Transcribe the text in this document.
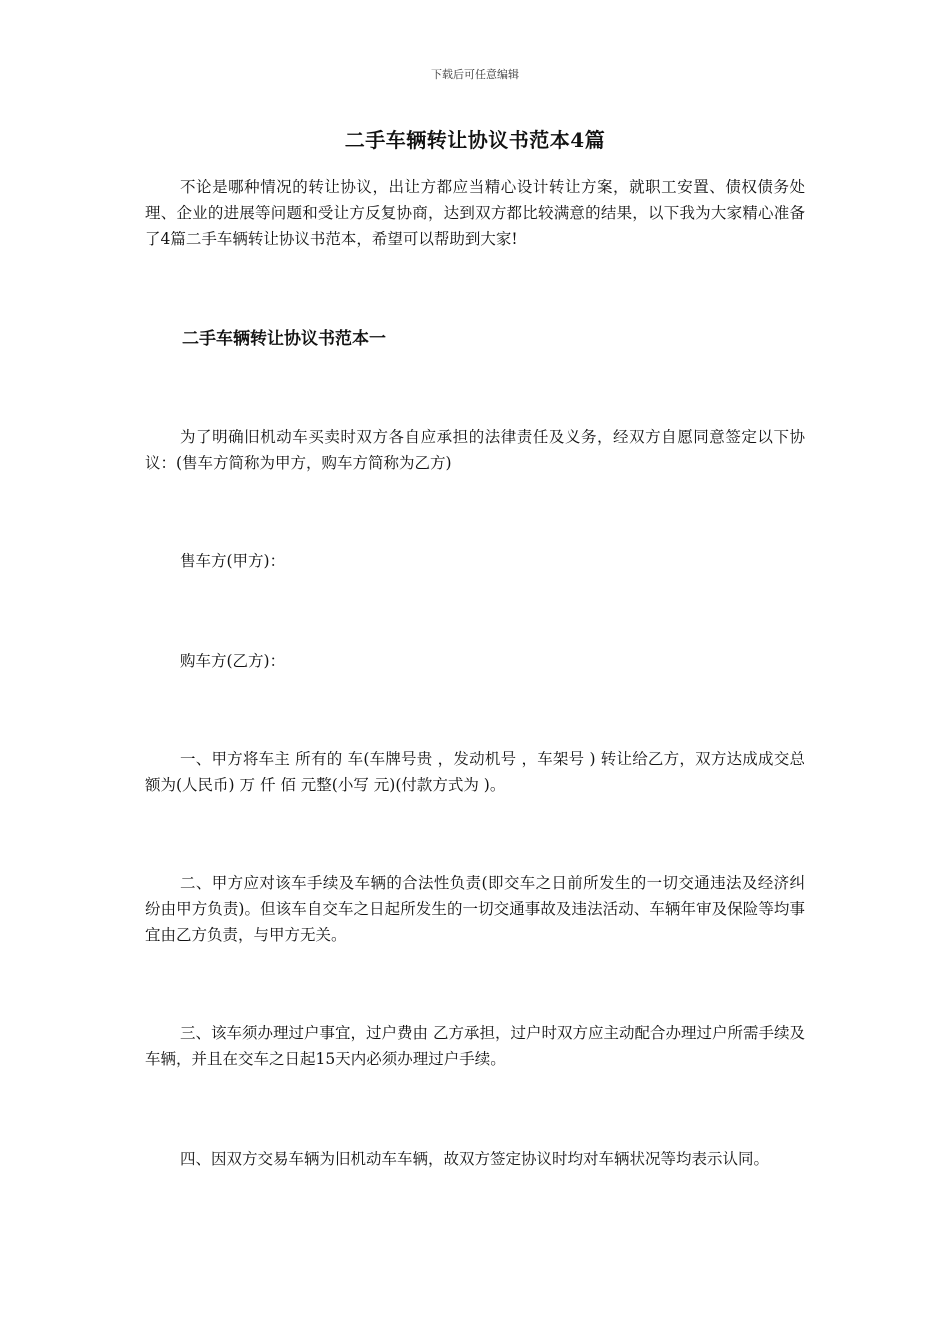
下载后可任意编辑
二手车辆转让协议书范本4篇

不论是哪种情况的转让协议，出让方都应当精心设计转让方案，就职工安置、债权债务处理、企业的进展等问题和受让方反复协商，达到双方都比较满意的结果，以下我为大家精心准备了4篇二手车辆转让协议书范本，希望可以帮助到大家!

二手车辆转让协议书范本一

为了明确旧机动车买卖时双方各自应承担的法律责任及义务，经双方自愿同意签定以下协议：(售车方简称为甲方，购车方简称为乙方)

售车方(甲方)：

购车方(乙方)：

一、甲方将车主 所有的 车(车牌号贵 ，发动机号 ，车架号 ) 转让给乙方，双方达成成交总额为(人民币) 万 仟 佰 元整(小写 元)(付款方式为 )。

二、甲方应对该车手续及车辆的合法性负责(即交车之日前所发生的一切交通违法及经济纠纷由甲方负责)。但该车自交车之日起所发生的一切交通事故及违法活动、车辆年审及保险等均事宜由乙方负责，与甲方无关。

三、该车须办理过户事宜，过户费由 乙方承担，过户时双方应主动配合办理过户所需手续及车辆，并且在交车之日起15天内必须办理过户手续。

四、因双方交易车辆为旧机动车车辆，故双方签定协议时均对车辆状况等均表示认同。
